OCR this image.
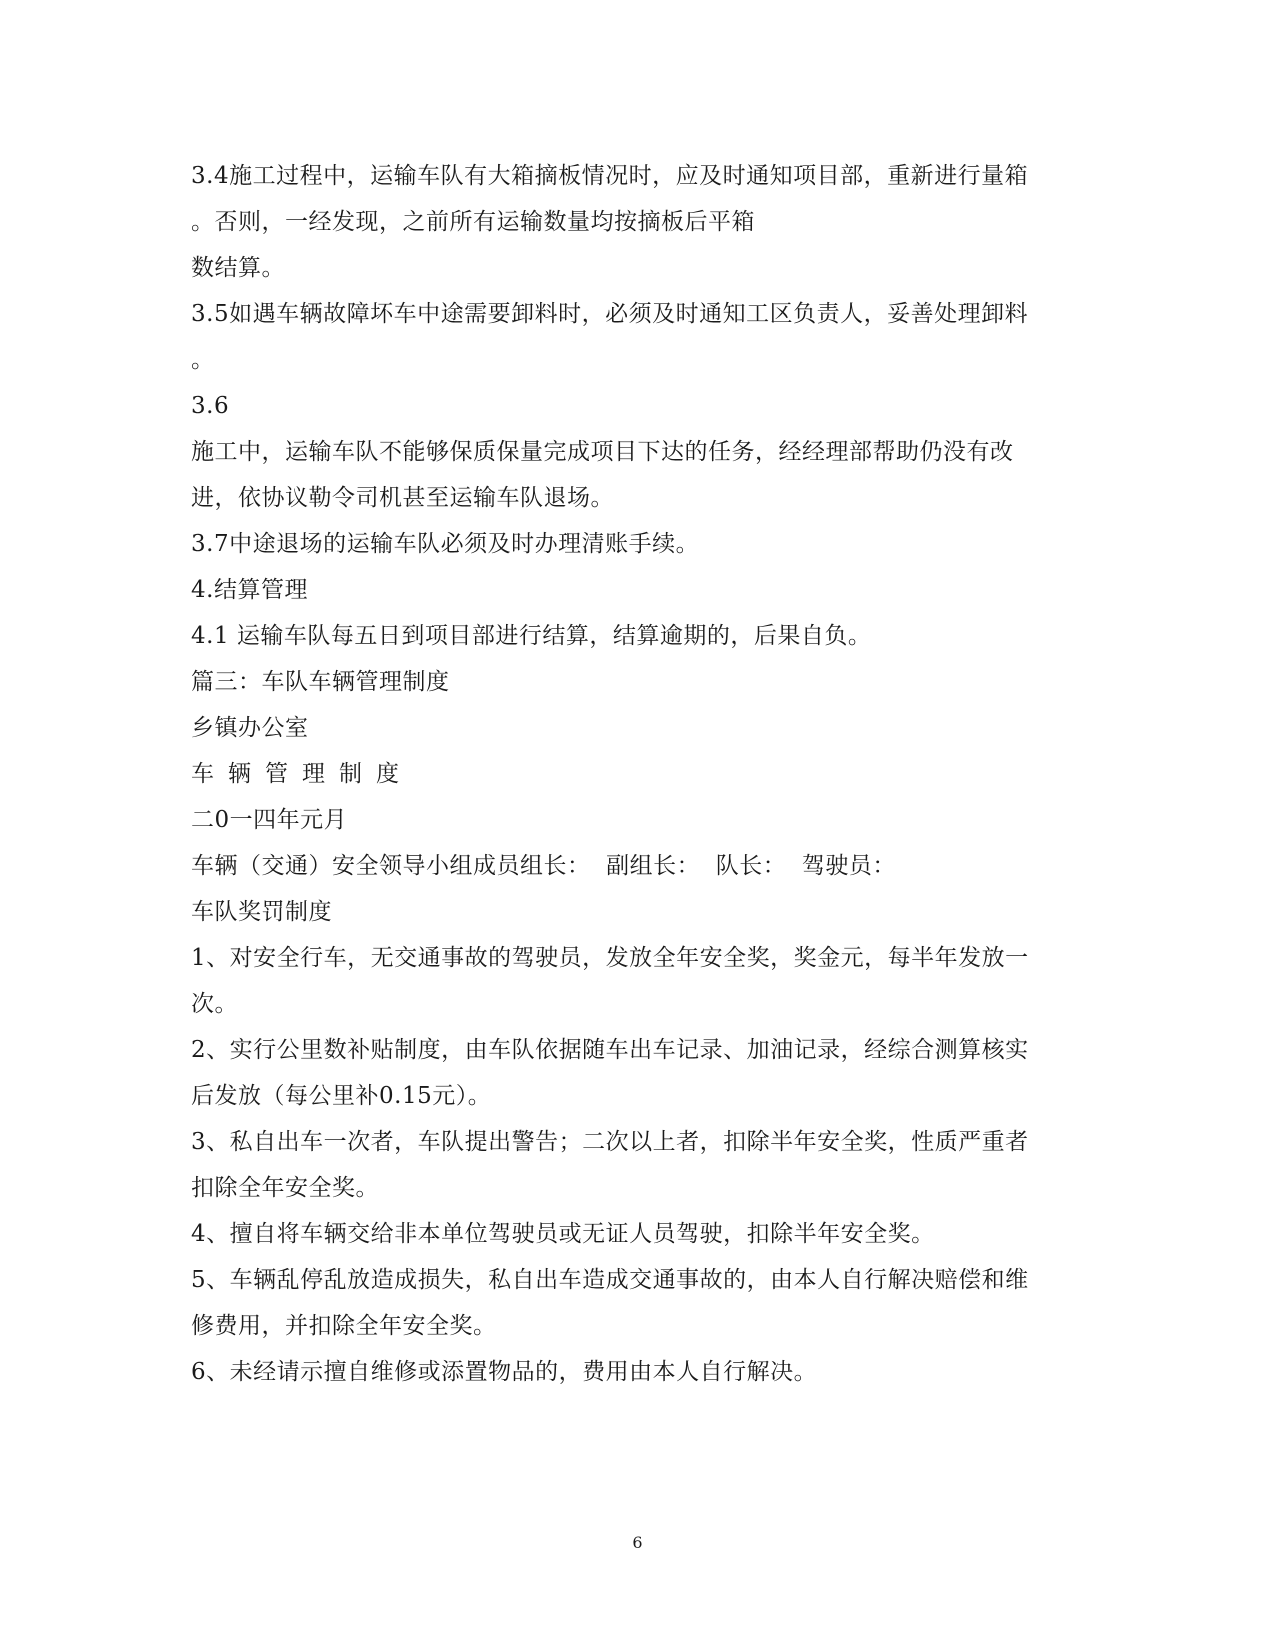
3.4施工过程中，运输车队有大箱摘板情况时，应及时通知项目部，重新进行量箱
。否则，一经发现，之前所有运输数量均按摘板后平箱
数结算。
3.5如遇车辆故障坏车中途需要卸料时，必须及时通知工区负责人，妥善处理卸料
。
3.6
施工中，运输车队不能够保质保量完成项目下达的任务，经经理部帮助仍没有改
进，依协议勒令司机甚至运输车队退场。
3.7中途退场的运输车队必须及时办理清账手续。
4.结算管理
4.1 运输车队每五日到项目部进行结算，结算逾期的，后果自负。
篇三：车队车辆管理制度
乡镇办公室
车辆管理制度
二0一四年元月
车辆（交通）安全领导小组成员组长：  副组长：  队长：  驾驶员：
车队奖罚制度
1、对安全行车，无交通事故的驾驶员，发放全年安全奖，奖金元，每半年发放一
次。
2、实行公里数补贴制度，由车队依据随车出车记录、加油记录，经综合测算核实
后发放（每公里补0.15元）。
3、私自出车一次者，车队提出警告；二次以上者，扣除半年安全奖，性质严重者
扣除全年安全奖。
4、擅自将车辆交给非本单位驾驶员或无证人员驾驶，扣除半年安全奖。
5、车辆乱停乱放造成损失，私自出车造成交通事故的，由本人自行解决赔偿和维
修费用，并扣除全年安全奖。
6、未经请示擅自维修或添置物品的，费用由本人自行解决。
6
